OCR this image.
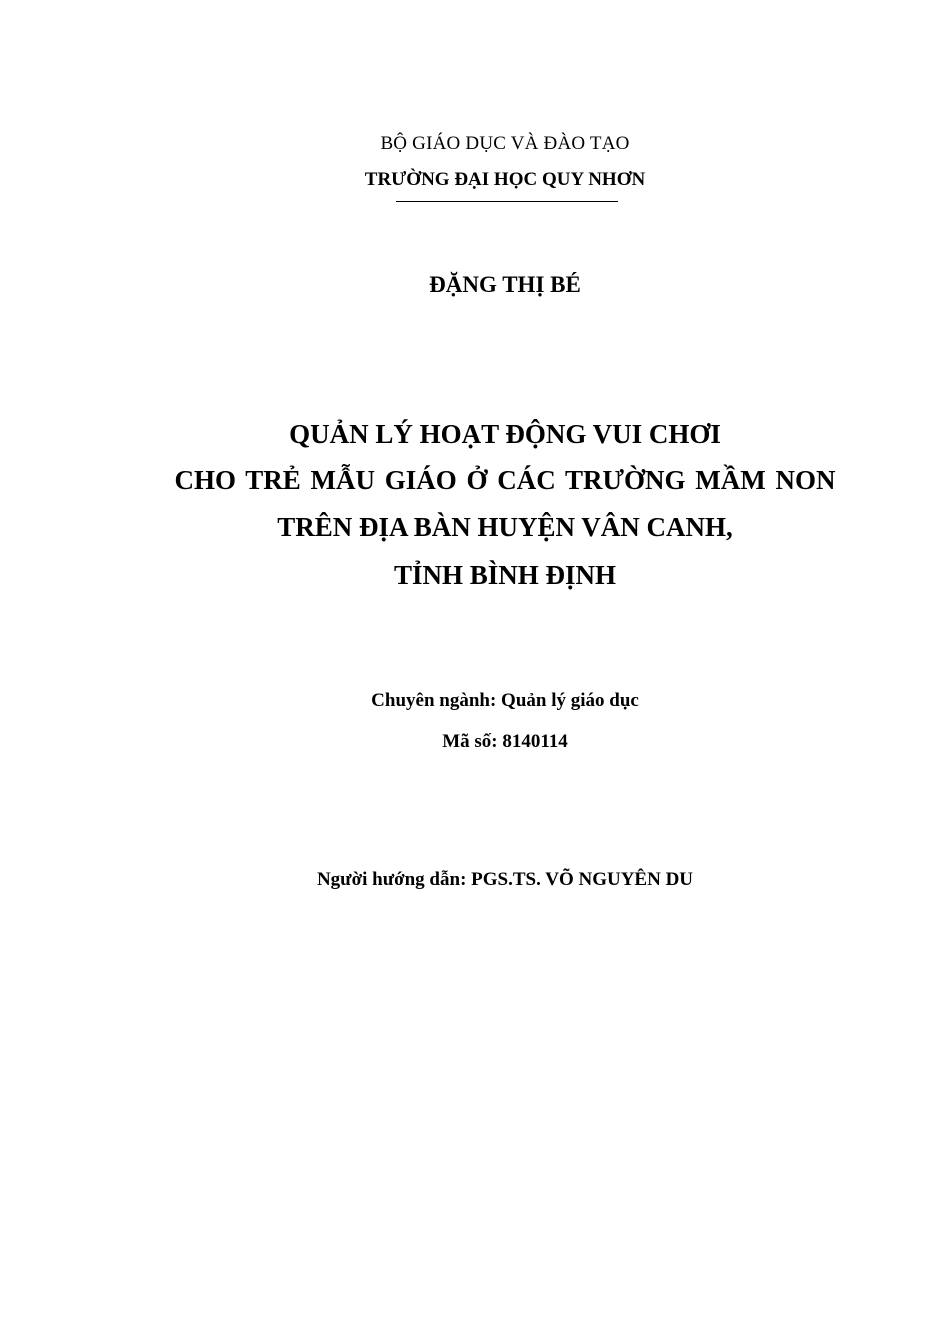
BỘ GIÁO DỤC VÀ ĐÀO TẠO
TRƯỜNG ĐẠI HỌC QUY NHƠN
ĐẶNG THỊ BÉ
QUẢN LÝ HOẠT ĐỘNG VUI CHƠI
CHO TRẺ MẪU GIÁO Ở CÁC TRƯỜNG MẦM NON
TRÊN ĐỊA BÀN HUYỆN VÂN CANH,
TỈNH BÌNH ĐỊNH
Chuyên ngành: Quản lý giáo dục
Mã số: 8140114
Người hướng dẫn: PGS.TS. VÕ NGUYÊN DU
